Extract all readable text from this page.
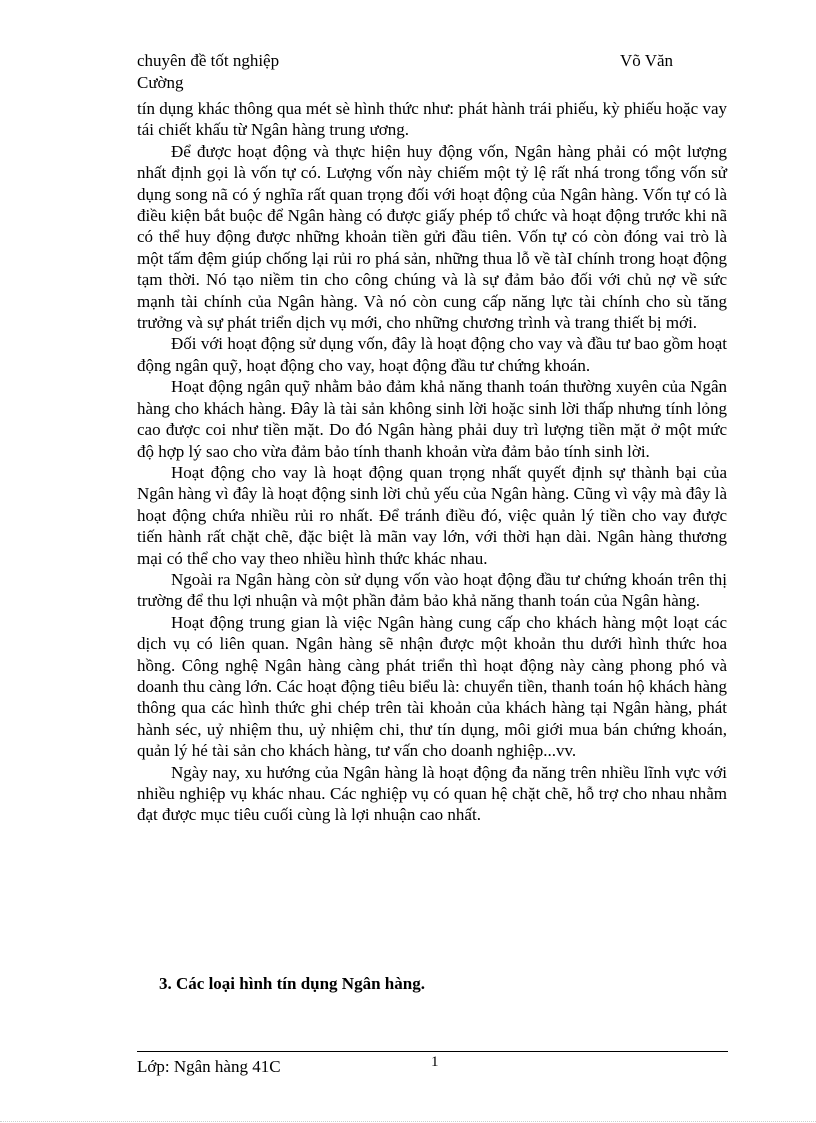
chuyên đề tốt nghiệp	Võ Văn
Cường

tín dụng khác thông qua mét sè hình thức như: phát hành trái phiếu, kỳ phiếu hoặc vay tái chiết khấu từ Ngân hàng trung ương.

Để được hoạt động và thực hiện huy động vốn, Ngân hàng phải có một lượng nhất định gọi là vốn tự có. Lượng vốn này chiếm một tỷ lệ rất nhá trong tổng vốn sử dụng song nã có ý nghĩa rất quan trọng đối với hoạt động của Ngân hàng. Vốn tự có là điều kiện bắt buộc để Ngân hàng có được giấy phép tổ chức và hoạt động trước khi nã có thể huy động được những khoản tiền gửi đầu tiên. Vốn tự có còn đóng vai trò là một tấm đệm giúp chống lại rủi ro phá sản, những thua lỗ về tàI chính trong hoạt động tạm thời. Nó tạo niềm tin cho công chúng và là sự đảm bảo đối với chủ nợ về sức mạnh tài chính của Ngân hàng. Và nó còn cung cấp năng lực tài chính cho sù tăng trưởng và sự phát triển dịch vụ mới, cho những chương trình và trang thiết bị mới.

Đối với hoạt động sử dụng vốn, đây là hoạt động cho vay và đầu tư bao gồm hoạt động ngân quỹ, hoạt động cho vay, hoạt động đầu tư chứng khoán.

Hoạt động ngân quỹ nhằm bảo đảm khả năng thanh toán thường xuyên của Ngân hàng cho khách hàng. Đây là tài sản không sinh lời hoặc sinh lời thấp nhưng tính lỏng cao được coi như tiền mặt. Do đó Ngân hàng phải duy trì lượng tiền mặt ở một mức độ hợp lý sao cho vừa đảm bảo tính thanh khoản vừa đảm bảo tính sinh lời.

Hoạt động cho vay là hoạt động quan trọng nhất quyết định sự thành bại của Ngân hàng vì đây là hoạt động sinh lời chủ yếu của Ngân hàng. Cũng vì vậy mà đây là hoạt động chứa nhiều rủi ro nhất. Để tránh điều đó, việc quản lý tiền cho vay được tiến hành rất chặt chẽ, đặc biệt là mãn vay lớn, với thời hạn dài. Ngân hàng thương mại có thể cho vay theo nhiều hình thức khác nhau.

Ngoài ra Ngân hàng còn sử dụng vốn vào hoạt động đầu tư chứng khoán trên thị trường để thu lợi nhuận và một phần đảm bảo khả năng thanh toán của Ngân hàng.

Hoạt động trung gian là việc Ngân hàng cung cấp cho khách hàng một loạt các dịch vụ có liên quan. Ngân hàng sẽ nhận được một khoản thu dưới hình thức hoa hồng. Công nghệ Ngân hàng càng phát triển thì hoạt động này càng phong phó và doanh thu càng lớn. Các hoạt động tiêu biểu là: chuyển tiền, thanh toán hộ khách hàng thông qua các hình thức ghi chép trên tài khoản của khách hàng tại Ngân hàng, phát hành séc, uỷ nhiệm thu, uỷ nhiệm chi, thư tín dụng, môi giới mua bán chứng khoán, quản lý hé tài sản cho khách hàng, tư vấn cho doanh nghiệp...vv.

Ngày nay, xu hướng của Ngân hàng là hoạt động đa năng trên nhiều lĩnh vực với nhiều nghiệp vụ khác nhau. Các nghiệp vụ có quan hệ chặt chẽ, hỗ trợ cho nhau nhằm đạt được mục tiêu cuối cùng là lợi nhuận cao nhất.

3. Các loại hình tín dụng Ngân hàng.
Lớp: Ngân hàng 41C	1
